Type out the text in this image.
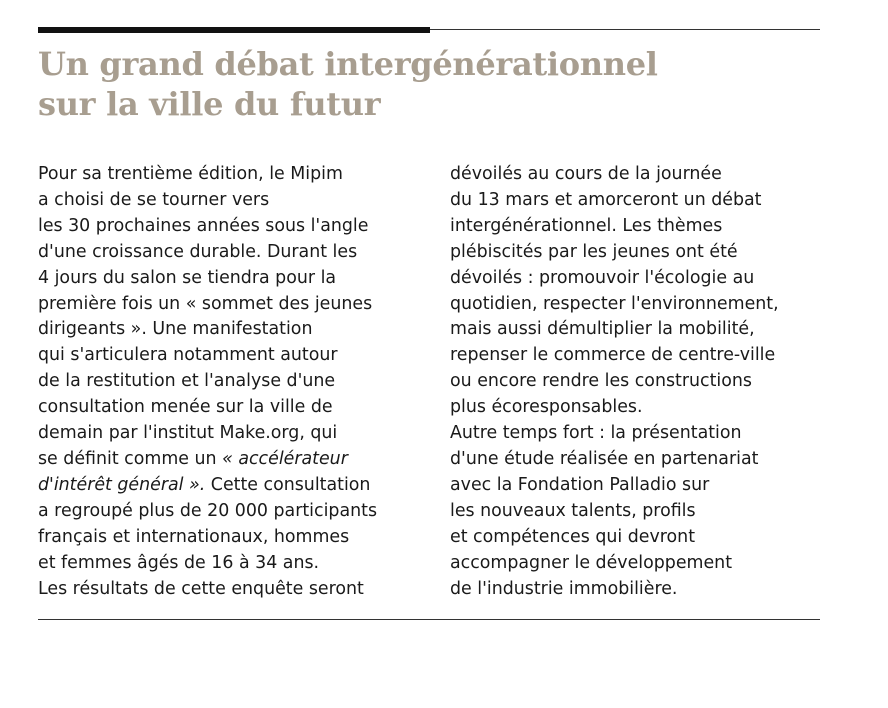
Un grand débat intergénérationnel
sur la ville du futur
Pour sa trentième édition, le Mipim
a choisi de se tourner vers
les 30 prochaines années sous l'angle
d'une croissance durable. Durant les
4 jours du salon se tiendra pour la
première fois un « sommet des jeunes
dirigeants ». Une manifestation
qui s'articulera notamment autour
de la restitution et l'analyse d'une
consultation menée sur la ville de
demain par l'institut Make.org, qui
se définit comme un « accélérateur
d'intérêt général ». Cette consultation
a regroupé plus de 20 000 participants
français et internationaux, hommes
et femmes âgés de 16 à 34 ans.
Les résultats de cette enquête seront
dévoilés au cours de la journée
du 13 mars et amorceront un débat
intergénérationnel. Les thèmes
plébiscités par les jeunes ont été
dévoilés : promouvoir l'écologie au
quotidien, respecter l'environnement,
mais aussi démultiplier la mobilité,
repenser le commerce de centre-ville
ou encore rendre les constructions
plus écoresponsables.
Autre temps fort : la présentation
d'une étude réalisée en partenariat
avec la Fondation Palladio sur
les nouveaux talents, profils
et compétences qui devront
accompagner le développement
de l'industrie immobilière.
